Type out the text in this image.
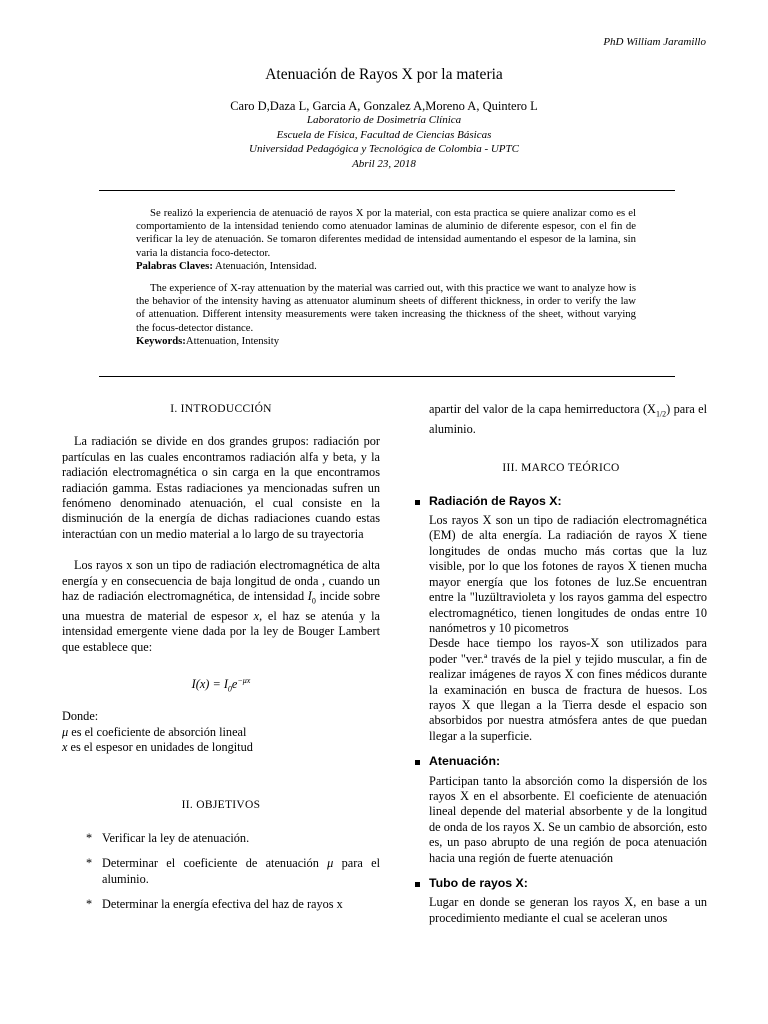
PhD William Jaramillo
Atenuación de Rayos X por la materia
Caro D,Daza L, Garcia A, Gonzalez A,Moreno A, Quintero L
Laboratorio de Dosimetría Clínica
Escuela de Física, Facultad de Ciencias Básicas
Universidad Pedagógica y Tecnológica de Colombia - UPTC
Abril 23, 2018

Se realizó la experiencia de atenuació de rayos X por la material, con esta practica se quiere analizar como es el comportamiento de la intensidad teniendo como atenuador laminas de aluminio de diferente espesor, con el fin de verificar la ley de atenuación. Se tomaron diferentes medidad de intensidad aumentando el espesor de la lamina, sin varia la distancia foco-detector.

Palabras Claves: Atenuación, Intensidad.

The experience of X-ray attenuation by the material was carried out, with this practice we want to analyze how is the behavior of the intensity having as attenuator aluminum sheets of different thickness, in order to verify the law of attenuation. Different intensity measurements were taken increasing the thickness of the sheet, without varying the focus-detector distance.

Keywords:Attenuation, Intensity

I. INTRODUCCIÓN

La radiación se divide en dos grandes grupos: radiación por partículas en las cuales encontramos radiación alfa y beta, y la radiación electromagnética o sin carga en la que encontramos radiación gamma. Estas radiaciones ya mencionadas sufren un fenómeno denominado atenuación, el cual consiste en la disminución de la energía de dichas radiaciones cuando estas interactúan con un medio material a lo largo de su trayectoria

Los rayos x son un tipo de radiación electromagnética de alta energía y en consecuencia de baja longitud de onda , cuando un haz de radiación electromagnética, de intensidad $I_0$ incide sobre una muestra de material de espesor x, el haz se atenúa y la intensidad emergente viene dada por la ley de Bouger Lambert que establece que:

$I(x) = I_0e^{-\mu x}$

Donde:

μ es el coeficiente de absorción lineal

x es el espesor en unidades de longitud

II. OBJETIVOS

* Verificar la ley de atenuación.
* Determinar el coeficiente de atenuación μ para el aluminio.
* Determinar la energía efectiva del haz de rayos x

apartir del valor de la capa hemirreductora $(X_{1/2})$ para el aluminio.

III. MARCO TEÓRICO

Radiación de Rayos X:

Los rayos X son un tipo de radiación electromagnética (EM) de alta energía. La radiación de rayos X tiene longitudes de ondas mucho más cortas que la luz visible, por lo que los fotones de rayos X tienen mucha mayor energía que los fotones de luz.Se encuentran entre la "luzültravioleta y los rayos gamma del espectro electromagnético, tienen longitudes de ondas entre 10 nanómetros y 10 picometros

Desde hace tiempo los rayos-X son utilizados para poder "ver.ª través de la piel y tejido muscular, a fin de realizar imágenes de rayos X con fines médicos durante la examinación en busca de fractura de huesos. Los rayos X que llegan a la Tierra desde el espacio son absorbidos por nuestra atmósfera antes de que puedan llegar a la superficie.

Atenuación:

Participan tanto la absorción como la dispersión de los rayos X en el absorbente. El coeficiente de atenuación lineal depende del material absorbente y de la longitud de onda de los rayos X. Se un cambio de absorción, esto es, un paso abrupto de una región de poca atenuación hacia una región de fuerte atenuación

Tubo de rayos X:

Lugar en donde se generan los rayos X, en base a un procedimiento mediante el cual se aceleran unos
